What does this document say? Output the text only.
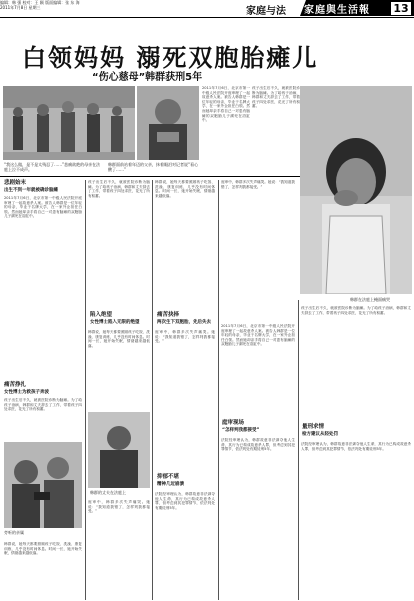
编辑：韩 强 校对：王 颖 版面编辑：张 东 海
2011年7月8日 星期三	家庭与法 家庭與生活報 13
白领妈妈 溺死双胞胎瘫儿
“伤心慈母”韩群获刑5年
“我这么做，是不是太残忍了……”悲痛欲绝的母亲在法庭上泣不成声。
韩群面前站着年迈的父亲，抹着眼泪对记者说“看心酸了……”
2011年7月6日，北京市第一中级人民法院开庭审理了一起故意杀人案。被告人韩群是一位年轻的母亲，毕业于名牌大学，在一家外企担任白领。然而她却亲手将自己一对患有脑瘫的双胞胎儿子溺死在浴缸中。
孩子出生后不久，就被医院诊断为脑瘫。为了给孩子治病，韩群和丈夫辞去了工作，带着孩子四处求医，花光了所有积蓄。
韩群在法庭上掩面痛哭
悲剧始末
出生不到一年就被确诊脑瘫
2011年7月6日，北京市第一中级人民法院开庭审理了一起故意杀人案。被告人韩群是一位年轻的母亲，毕业于名牌大学，在一家外企担任白领。然而她却亲手将自己一对患有脑瘫的双胞胎儿子溺死在浴缸中。
痛苦挣扎
女性博士为救孩子奔波
孩子出生后不久，就被医院诊断为脑瘫。为了给孩子治病，韩群和丈夫辞去了工作，带着孩子四处求医，花光了所有积蓄。
旁听的亲属
韩群说，她每天都要照顾孩子吃饭、洗澡、康复训练，几乎没有时间休息。时间一长，她开始失眠，情绪越来越低落。
孩子出生后不久，就被医院诊断为脑瘫。为了给孩子治病，韩群和丈夫辞去了工作，带着孩子四处求医，花光了所有积蓄。
陷入绝望
女性博士陷入无限的绝望
韩群说，她每天都要照顾孩子吃饭、洗澡、康复训练，几乎没有时间休息。时间一长，她开始失眠，情绪越来越低落。
韩群的丈夫在法庭上
庭审中，韩群多次失声痛哭。她说：“我知道我错了，怎样判我都接受。”
韩群说，她每天都要照顾孩子吃饭、洗澡、康复训练，几乎没有时间休息。时间一长，她开始失眠，情绪越来越低落。
痛苦抉择
两次生下双胞胎，先后失去
庭审中，韩群多次失声痛哭。她说：“我知道我错了，怎样判我都接受。”
抑郁不堪
精神几近崩溃
法院经审理认为，韩群故意非法剥夺他人生命，其行为已构成故意杀人罪，但考虑到其犯罪情节，依法判处有期徒刑5年。
庭审中，韩群多次失声痛哭。她说：“我知道我错了，怎样判我都接受。”
庭审现场
“怎样判我都接受”
2011年7月6日，北京市第一中级人民法院开庭审理了一起故意杀人案。被告人韩群是一位年轻的母亲，毕业于名牌大学，在一家外企担任白领。然而她却亲手将自己一对患有脑瘫的双胞胎儿子溺死在浴缸中。
法院经审理认为，韩群故意非法剥夺他人生命，其行为已构成故意杀人罪，但考虑到其犯罪情节，依法判处有期徒刑5年。
孩子出生后不久，就被医院诊断为脑瘫。为了给孩子治病，韩群和丈夫辞去了工作，带着孩子四处求医，花光了所有积蓄。
量刑求情
检方建议从轻处罚
法院经审理认为，韩群故意非法剥夺他人生命，其行为已构成故意杀人罪，但考虑到其犯罪情节，依法判处有期徒刑5年。
